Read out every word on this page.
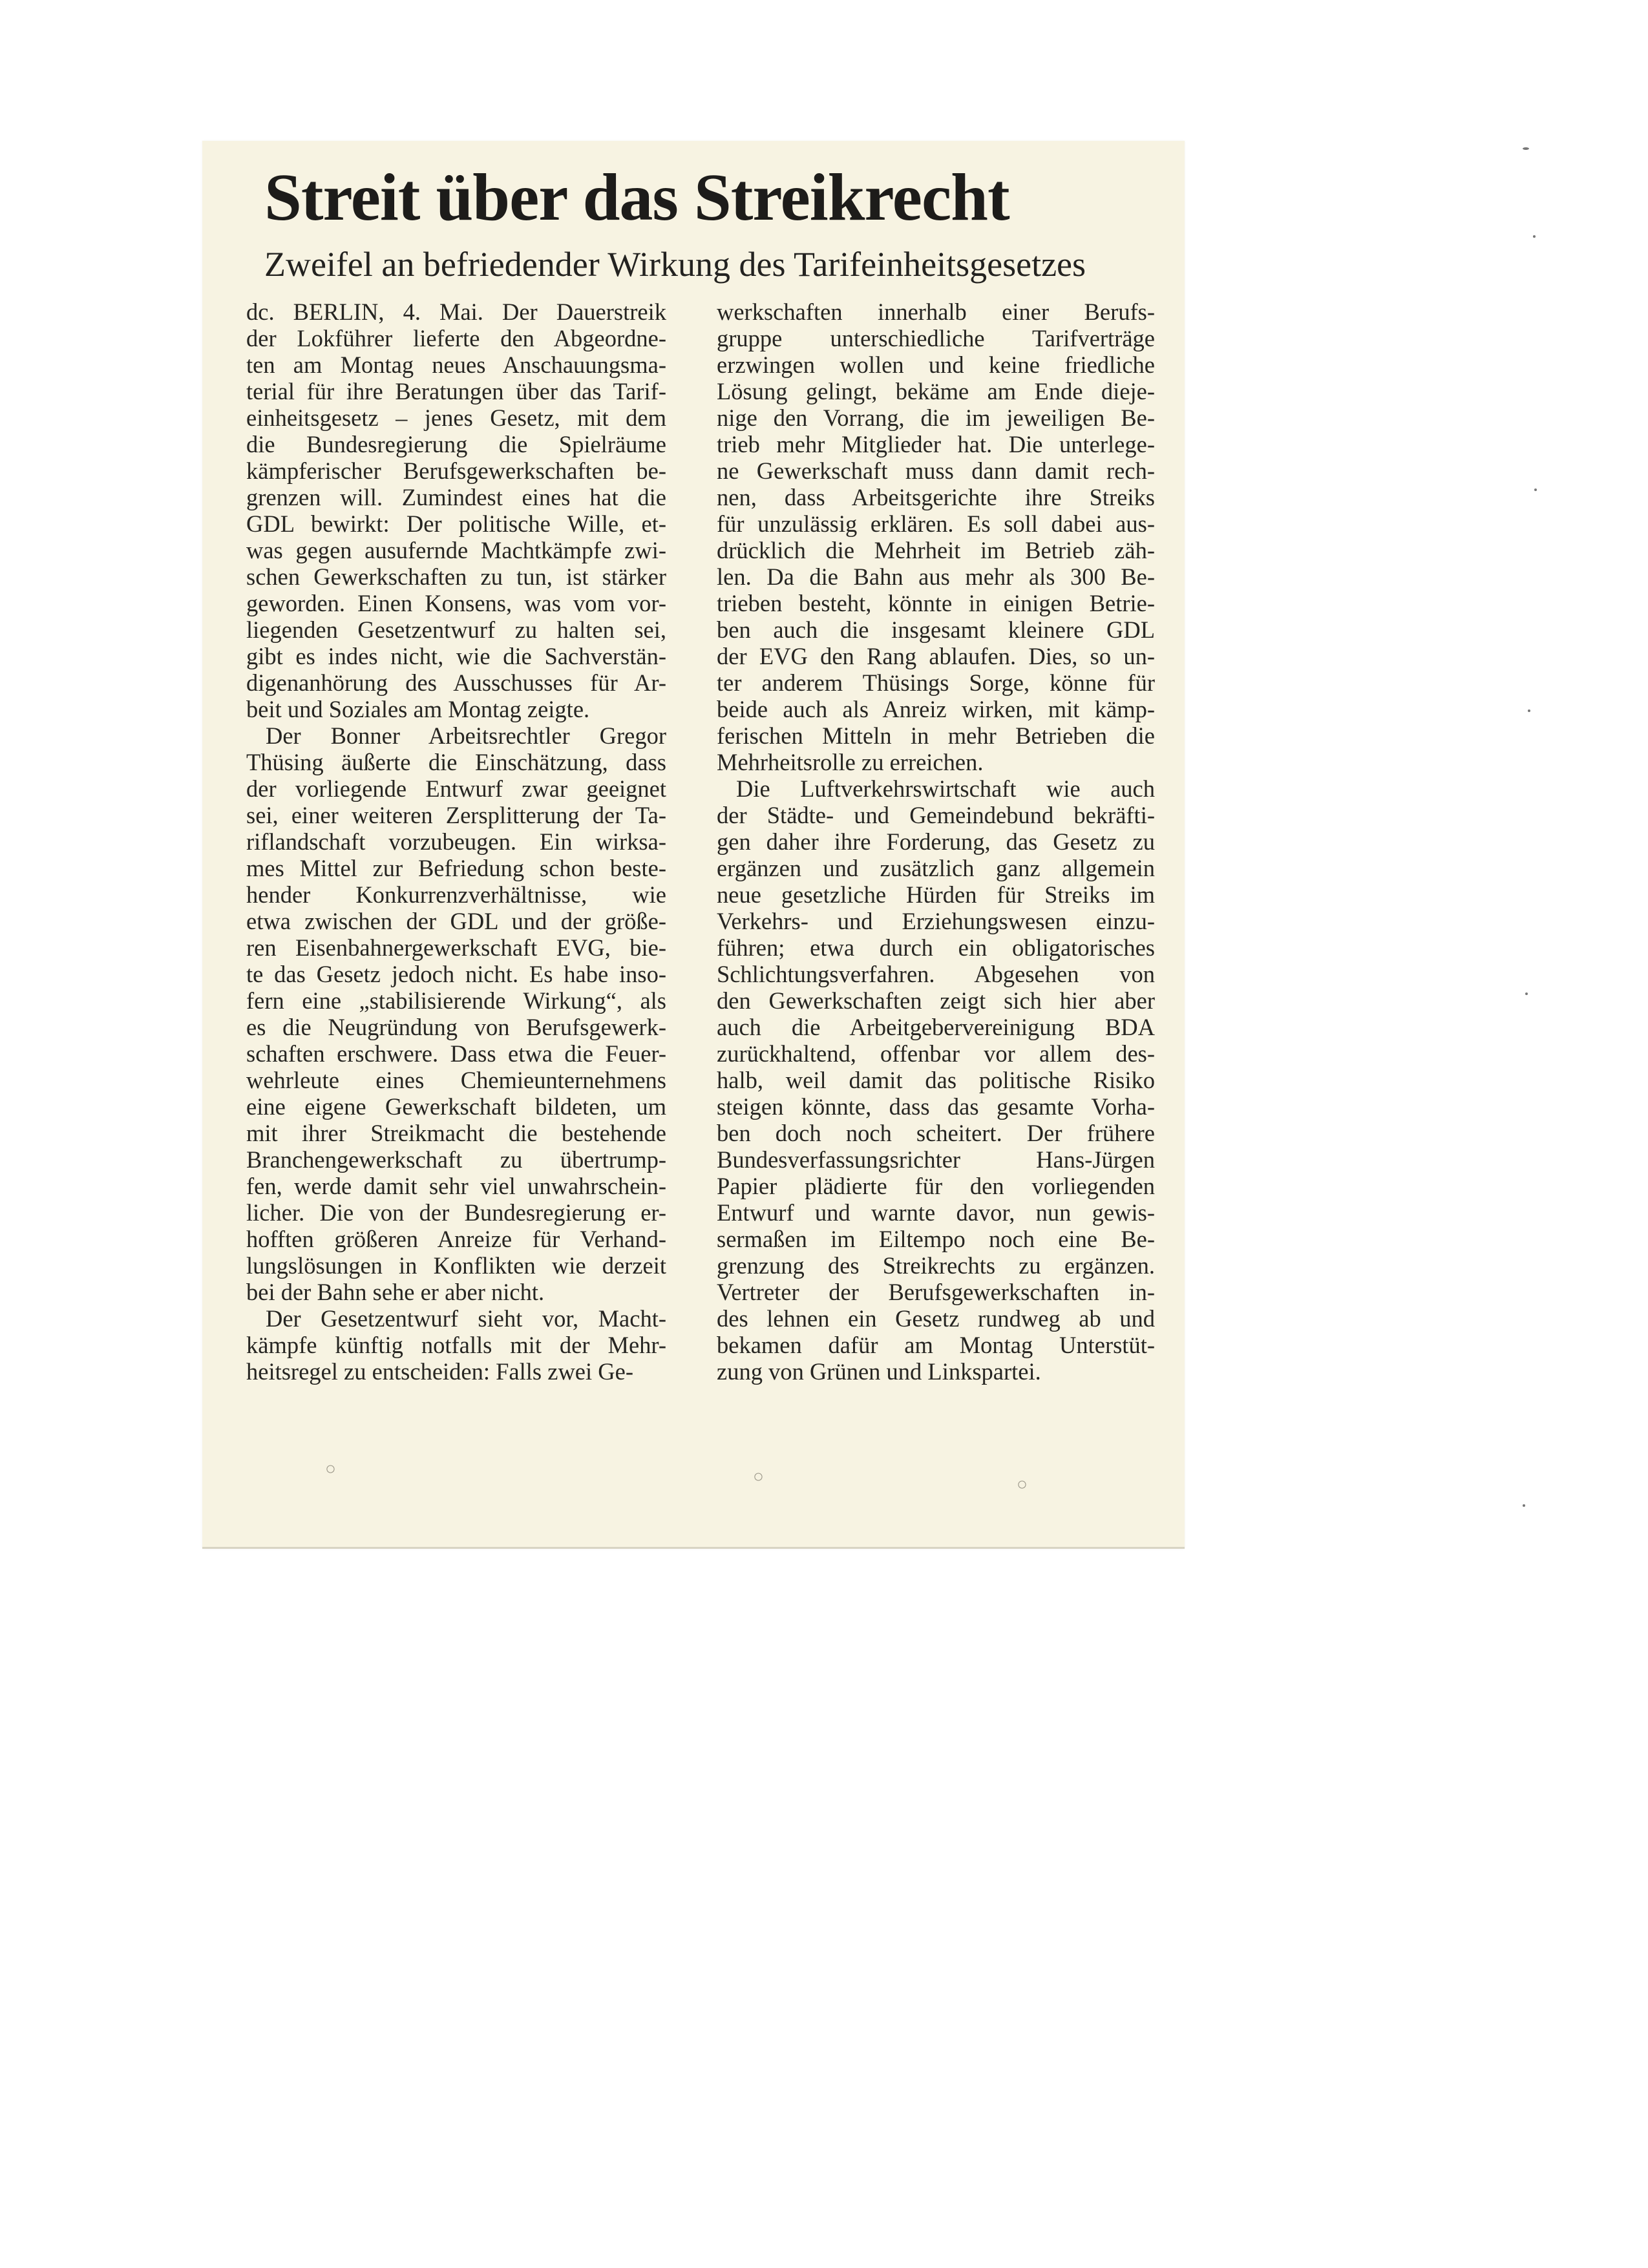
Streit über das Streikrecht
Zweifel an befriedender Wirkung des Tarifeinheitsgesetzes
dc. BERLIN, 4. Mai. Der Dauerstreik
der Lokführer lieferte den Abgeordne-
ten am Montag neues Anschauungsma-
terial für ihre Beratungen über das Tarif-
einheitsgesetz – jenes Gesetz, mit dem
die Bundesregierung die Spielräume
kämpferischer Berufsgewerkschaften be-
grenzen will. Zumindest eines hat die
GDL bewirkt: Der politische Wille, et-
was gegen ausufernde Machtkämpfe zwi-
schen Gewerkschaften zu tun, ist stärker
geworden. Einen Konsens, was vom vor-
liegenden Gesetzentwurf zu halten sei,
gibt es indes nicht, wie die Sachverstän-
digenanhörung des Ausschusses für Ar-
beit und Soziales am Montag zeigte.
Der Bonner Arbeitsrechtler Gregor
Thüsing äußerte die Einschätzung, dass
der vorliegende Entwurf zwar geeignet
sei, einer weiteren Zersplitterung der Ta-
riflandschaft vorzubeugen. Ein wirksa-
mes Mittel zur Befriedung schon beste-
hender Konkurrenzverhältnisse, wie
etwa zwischen der GDL und der größe-
ren Eisenbahnergewerkschaft EVG, bie-
te das Gesetz jedoch nicht. Es habe inso-
fern eine „stabilisierende Wirkung“, als
es die Neugründung von Berufsgewerk-
schaften erschwere. Dass etwa die Feuer-
wehrleute eines Chemieunternehmens
eine eigene Gewerkschaft bildeten, um
mit ihrer Streikmacht die bestehende
Branchengewerkschaft zu übertrump-
fen, werde damit sehr viel unwahrschein-
licher. Die von der Bundesregierung er-
hofften größeren Anreize für Verhand-
lungslösungen in Konflikten wie derzeit
bei der Bahn sehe er aber nicht.
Der Gesetzentwurf sieht vor, Macht-
kämpfe künftig notfalls mit der Mehr-
heitsregel zu entscheiden: Falls zwei Ge-
werkschaften innerhalb einer Berufs-
gruppe unterschiedliche Tarifverträge
erzwingen wollen und keine friedliche
Lösung gelingt, bekäme am Ende dieje-
nige den Vorrang, die im jeweiligen Be-
trieb mehr Mitglieder hat. Die unterlege-
ne Gewerkschaft muss dann damit rech-
nen, dass Arbeitsgerichte ihre Streiks
für unzulässig erklären. Es soll dabei aus-
drücklich die Mehrheit im Betrieb zäh-
len. Da die Bahn aus mehr als 300 Be-
trieben besteht, könnte in einigen Betrie-
ben auch die insgesamt kleinere GDL
der EVG den Rang ablaufen. Dies, so un-
ter anderem Thüsings Sorge, könne für
beide auch als Anreiz wirken, mit kämp-
ferischen Mitteln in mehr Betrieben die
Mehrheitsrolle zu erreichen.
Die Luftverkehrswirtschaft wie auch
der Städte- und Gemeindebund bekräfti-
gen daher ihre Forderung, das Gesetz zu
ergänzen und zusätzlich ganz allgemein
neue gesetzliche Hürden für Streiks im
Verkehrs- und Erziehungswesen einzu-
führen; etwa durch ein obligatorisches
Schlichtungsverfahren. Abgesehen von
den Gewerkschaften zeigt sich hier aber
auch die Arbeitgebervereinigung BDA
zurückhaltend, offenbar vor allem des-
halb, weil damit das politische Risiko
steigen könnte, dass das gesamte Vorha-
ben doch noch scheitert. Der frühere
Bundesverfassungsrichter Hans-Jürgen
Papier plädierte für den vorliegenden
Entwurf und warnte davor, nun gewis-
sermaßen im Eiltempo noch eine Be-
grenzung des Streikrechts zu ergänzen.
Vertreter der Berufsgewerkschaften in-
des lehnen ein Gesetz rundweg ab und
bekamen dafür am Montag Unterstüt-
zung von Grünen und Linkspartei.
○	○	○
